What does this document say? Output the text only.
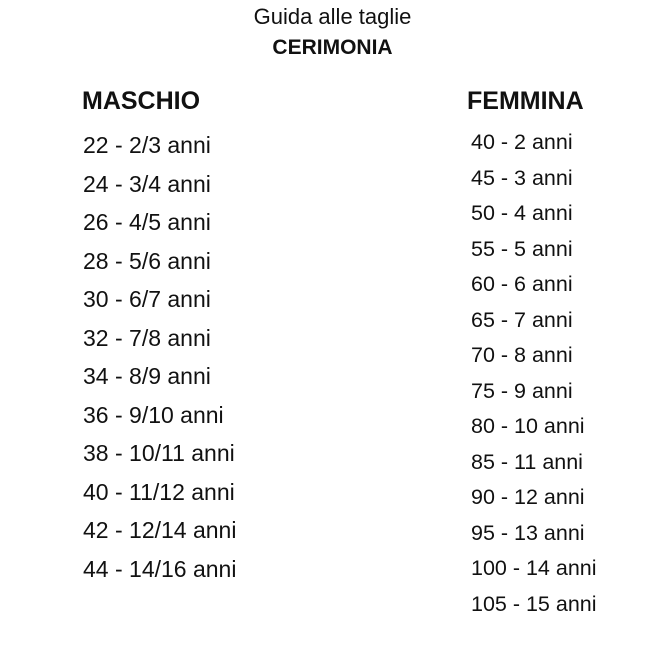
Guida alle taglie
CERIMONIA
MASCHIO
22 - 2/3 anni
24 - 3/4 anni
26 - 4/5 anni
28 - 5/6 anni
30 - 6/7 anni
32 - 7/8 anni
34 - 8/9 anni
36 - 9/10 anni
38 - 10/11 anni
40 - 11/12 anni
42 - 12/14 anni
44 - 14/16 anni
FEMMINA
40 - 2 anni
45 - 3 anni
50 - 4 anni
55 - 5 anni
60 - 6 anni
65 - 7 anni
70 - 8 anni
75 - 9 anni
80 - 10 anni
85 - 11 anni
90 - 12 anni
95 - 13 anni
100 - 14 anni
105 - 15 anni
